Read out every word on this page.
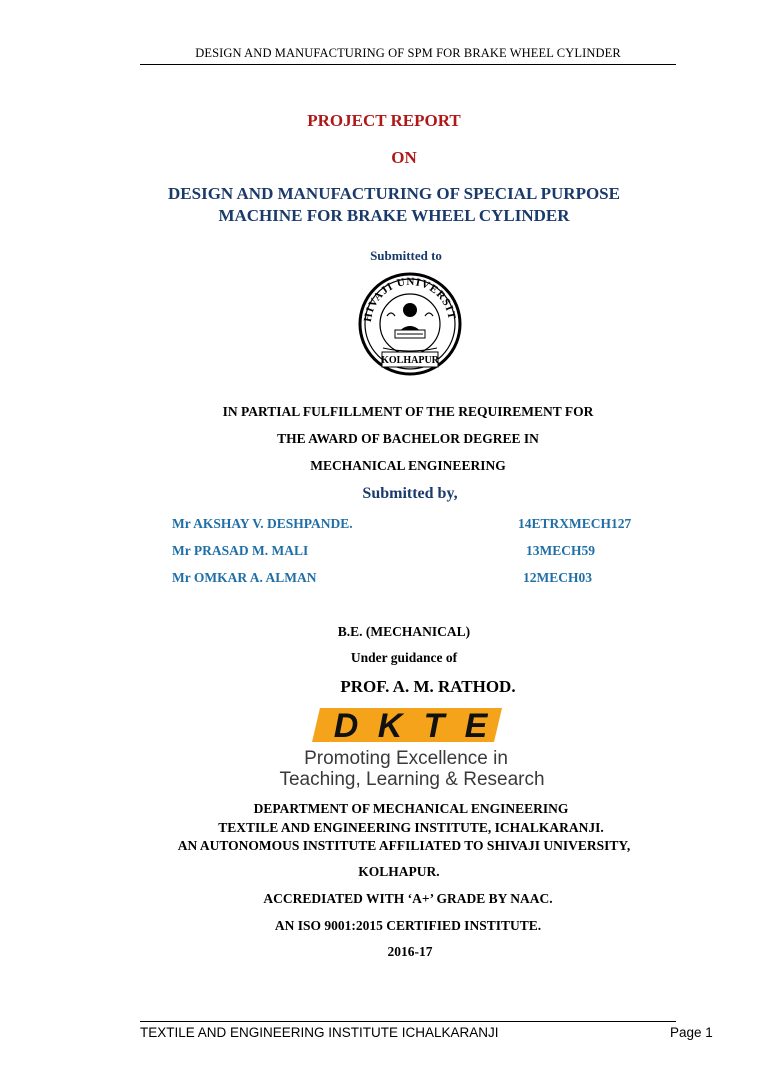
DESIGN AND MANUFACTURING OF SPM FOR BRAKE WHEEL CYLINDER
PROJECT REPORT
ON
DESIGN AND MANUFACTURING OF SPECIAL PURPOSE
MACHINE FOR BRAKE WHEEL CYLINDER
Submitted to
HIVAJI UNIVERSIT
KOLHAPUR
IN PARTIAL FULFILLMENT OF THE REQUIREMENT FOR
THE AWARD OF BACHELOR DEGREE IN
MECHANICAL ENGINEERING
Submitted by,
Mr AKSHAY V. DESHPANDE.	14ETRXMECH127
Mr PRASAD M. MALI	13MECH59
Mr OMKAR A. ALMAN	12MECH03
B.E. (MECHANICAL)
Under guidance of
PROF. A. M. RATHOD.
D K T E
Promoting Excellence in
Teaching, Learning & Research
DEPARTMENT OF MECHANICAL ENGINEERING
TEXTILE AND ENGINEERING INSTITUTE, ICHALKARANJI.
AN AUTONOMOUS INSTITUTE AFFILIATED TO SHIVAJI UNIVERSITY,
KOLHAPUR.
ACCREDIATED WITH ‘A+’ GRADE BY NAAC.
AN ISO 9001:2015 CERTIFIED INSTITUTE.
2016-17
TEXTILE AND ENGINEERING INSTITUTE ICHALKARANJI	Page 1
